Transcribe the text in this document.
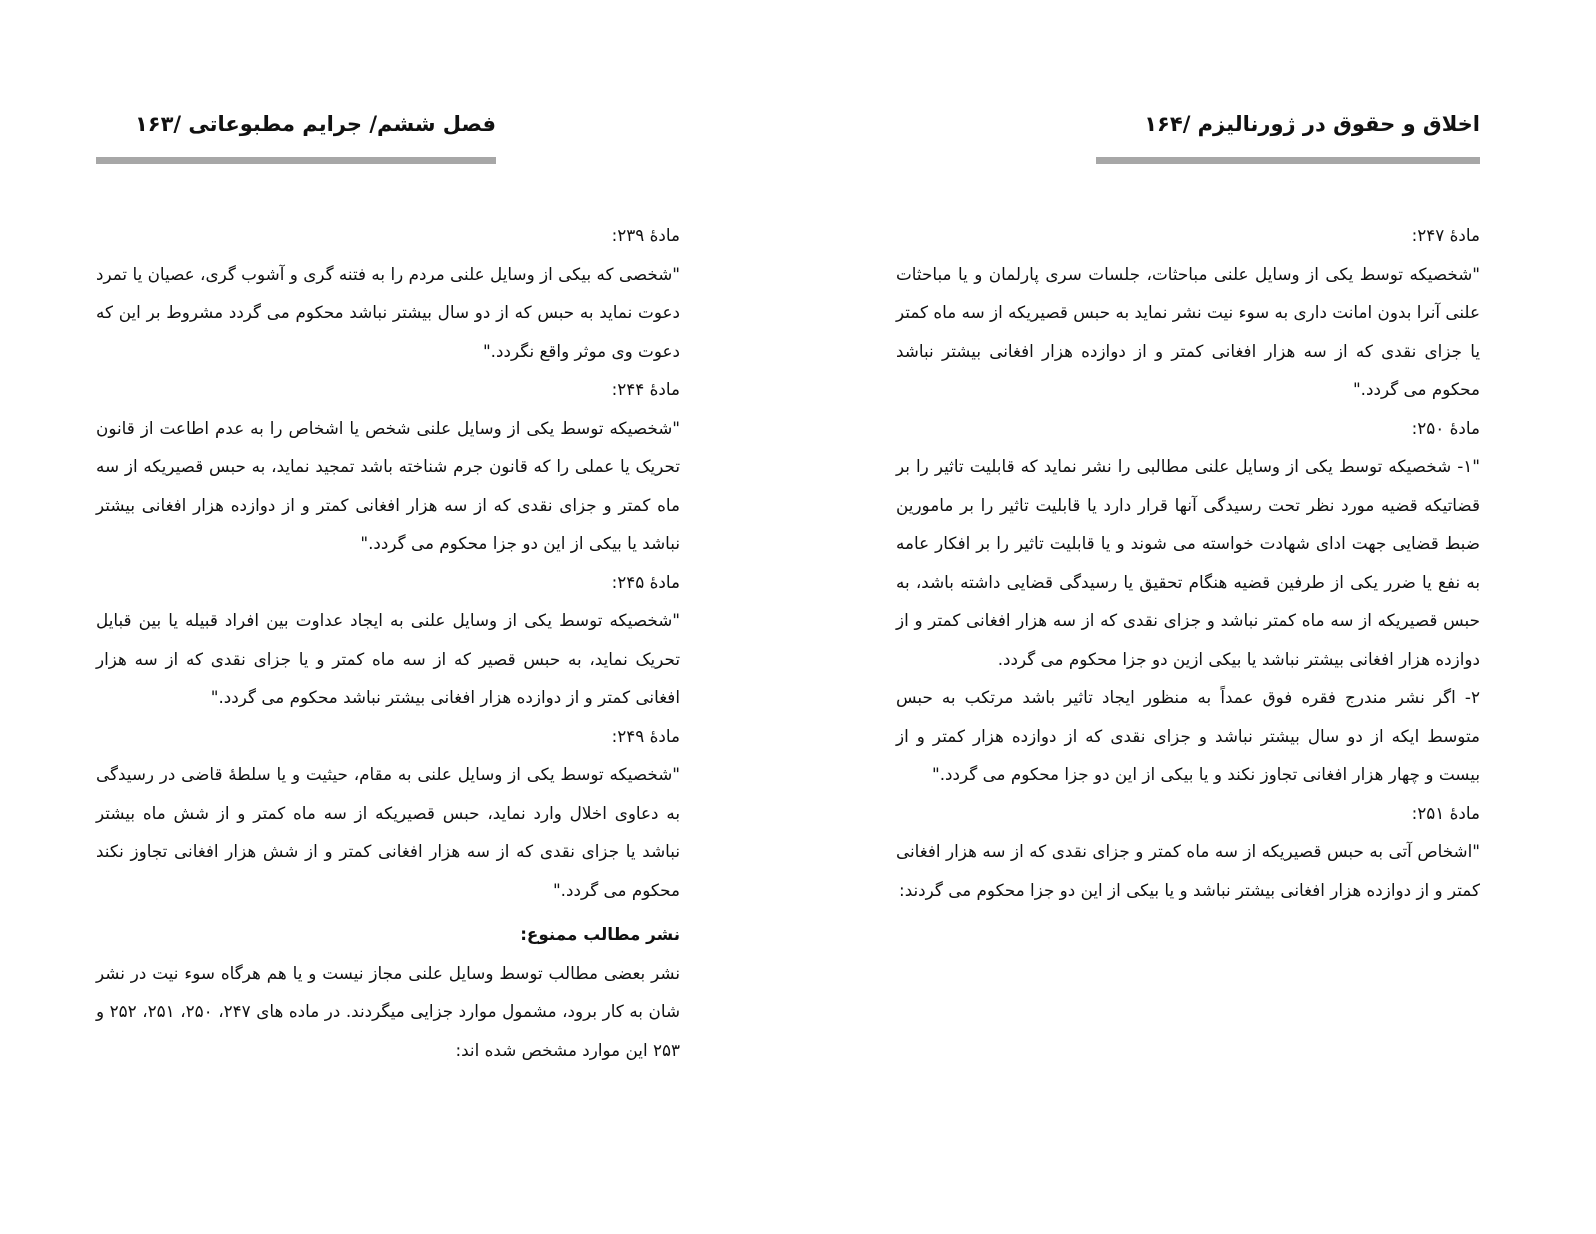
فصل ششم/ جرایم مطبوعاتی /۱۶۳

مادهٔ ۲۳۹:

"شخصی که بیکی از وسایل علنی مردم را به فتنه گری و آشوب گری، عصیان یا تمرد دعوت نماید به حبس که از دو سال بیشتر نباشد محکوم می گردد مشروط بر این که دعوت وی موثر واقع نگردد."

مادهٔ ۲۴۴:

"شخصیکه توسط یکی از وسایل علنی شخص یا اشخاص را به عدم اطاعت از قانون تحریک یا عملی را که قانون جرم شناخته باشد تمجید نماید، به حبس قصیریکه از سه ماه کمتر و جزای نقدی که از سه هزار افغانی کمتر و از دوازده هزار افغانی بیشتر نباشد یا بیکی از این دو جزا محکوم می گردد."

مادهٔ ۲۴۵:

"شخصیکه توسط یکی از وسایل علنی به ایجاد عداوت بین افراد قبیله یا بین قبایل تحریک نماید، به حبس قصیر که از سه ماه کمتر و یا جزای نقدی که از سه هزار افغانی کمتر و از دوازده هزار افغانی بیشتر نباشد محکوم می گردد."

مادهٔ ۲۴۹:

"شخصیکه توسط یکی از وسایل علنی به مقام، حیثیت و یا سلطهٔ قاضی در رسیدگی به دعاوی اخلال وارد نماید، حبس قصیریکه از سه ماه کمتر و از شش ماه بیشتر نباشد یا جزای نقدی که از سه هزار افغانی کمتر و از شش هزار افغانی تجاوز نکند محکوم می گردد."

نشر مطالب ممنوع:

نشر بعضی مطالب توسط وسایل علنی مجاز نیست و یا هم هرگاه سوء نیت در نشر شان به کار برود، مشمول موارد جزایی میگردند. در ماده های ۲۴۷، ۲۵۰، ۲۵۱، ۲۵۲ و ۲۵۳ این موارد مشخص شده اند:

اخلاق و حقوق در ژورنالیزم /۱۶۴

مادهٔ ۲۴۷:

"شخصیکه توسط یکی از وسایل علنی مباحثات، جلسات سری پارلمان و یا مباحثات علنی آنرا بدون امانت داری به سوء نیت نشر نماید به حبس قصیریکه از سه ماه کمتر یا جزای نقدی که از سه هزار افغانی کمتر و از دوازده هزار افغانی بیشتر نباشد محکوم می گردد."

مادهٔ ۲۵۰:

"۱- شخصیکه توسط یکی از وسایل علنی مطالبی را نشر نماید که قابلیت تاثیر را بر قضاتیکه قضیه مورد نظر تحت رسیدگی آنها قرار دارد یا قابلیت تاثیر را بر مامورین ضبط قضایی جهت ادای شهادت خواسته می شوند و یا قابلیت تاثیر را بر افکار عامه به نفع یا ضرر یکی از طرفین قضیه هنگام تحقیق یا رسیدگی قضایی داشته باشد، به حبس قصیریکه از سه ماه کمتر نباشد و جزای نقدی که از سه هزار افغانی کمتر و از دوازده هزار افغانی بیشتر نباشد یا بیکی ازین دو جزا محکوم می گردد.

۲- اگر نشر مندرج فقره فوق عمداً به منظور ایجاد تاثیر باشد مرتکب به حبس متوسط ایکه از دو سال بیشتر نباشد و جزای نقدی که از دوازده هزار کمتر و از بیست و چهار هزار افغانی تجاوز نکند و یا بیکی از این دو جزا محکوم می گردد."

مادهٔ ۲۵۱:

"اشخاص آتی به حبس قصیریکه از سه ماه کمتر و جزای نقدی که از سه هزار افغانی کمتر و از دوازده هزار افغانی بیشتر نباشد و یا بیکی از این دو جزا محکوم می گردند:
